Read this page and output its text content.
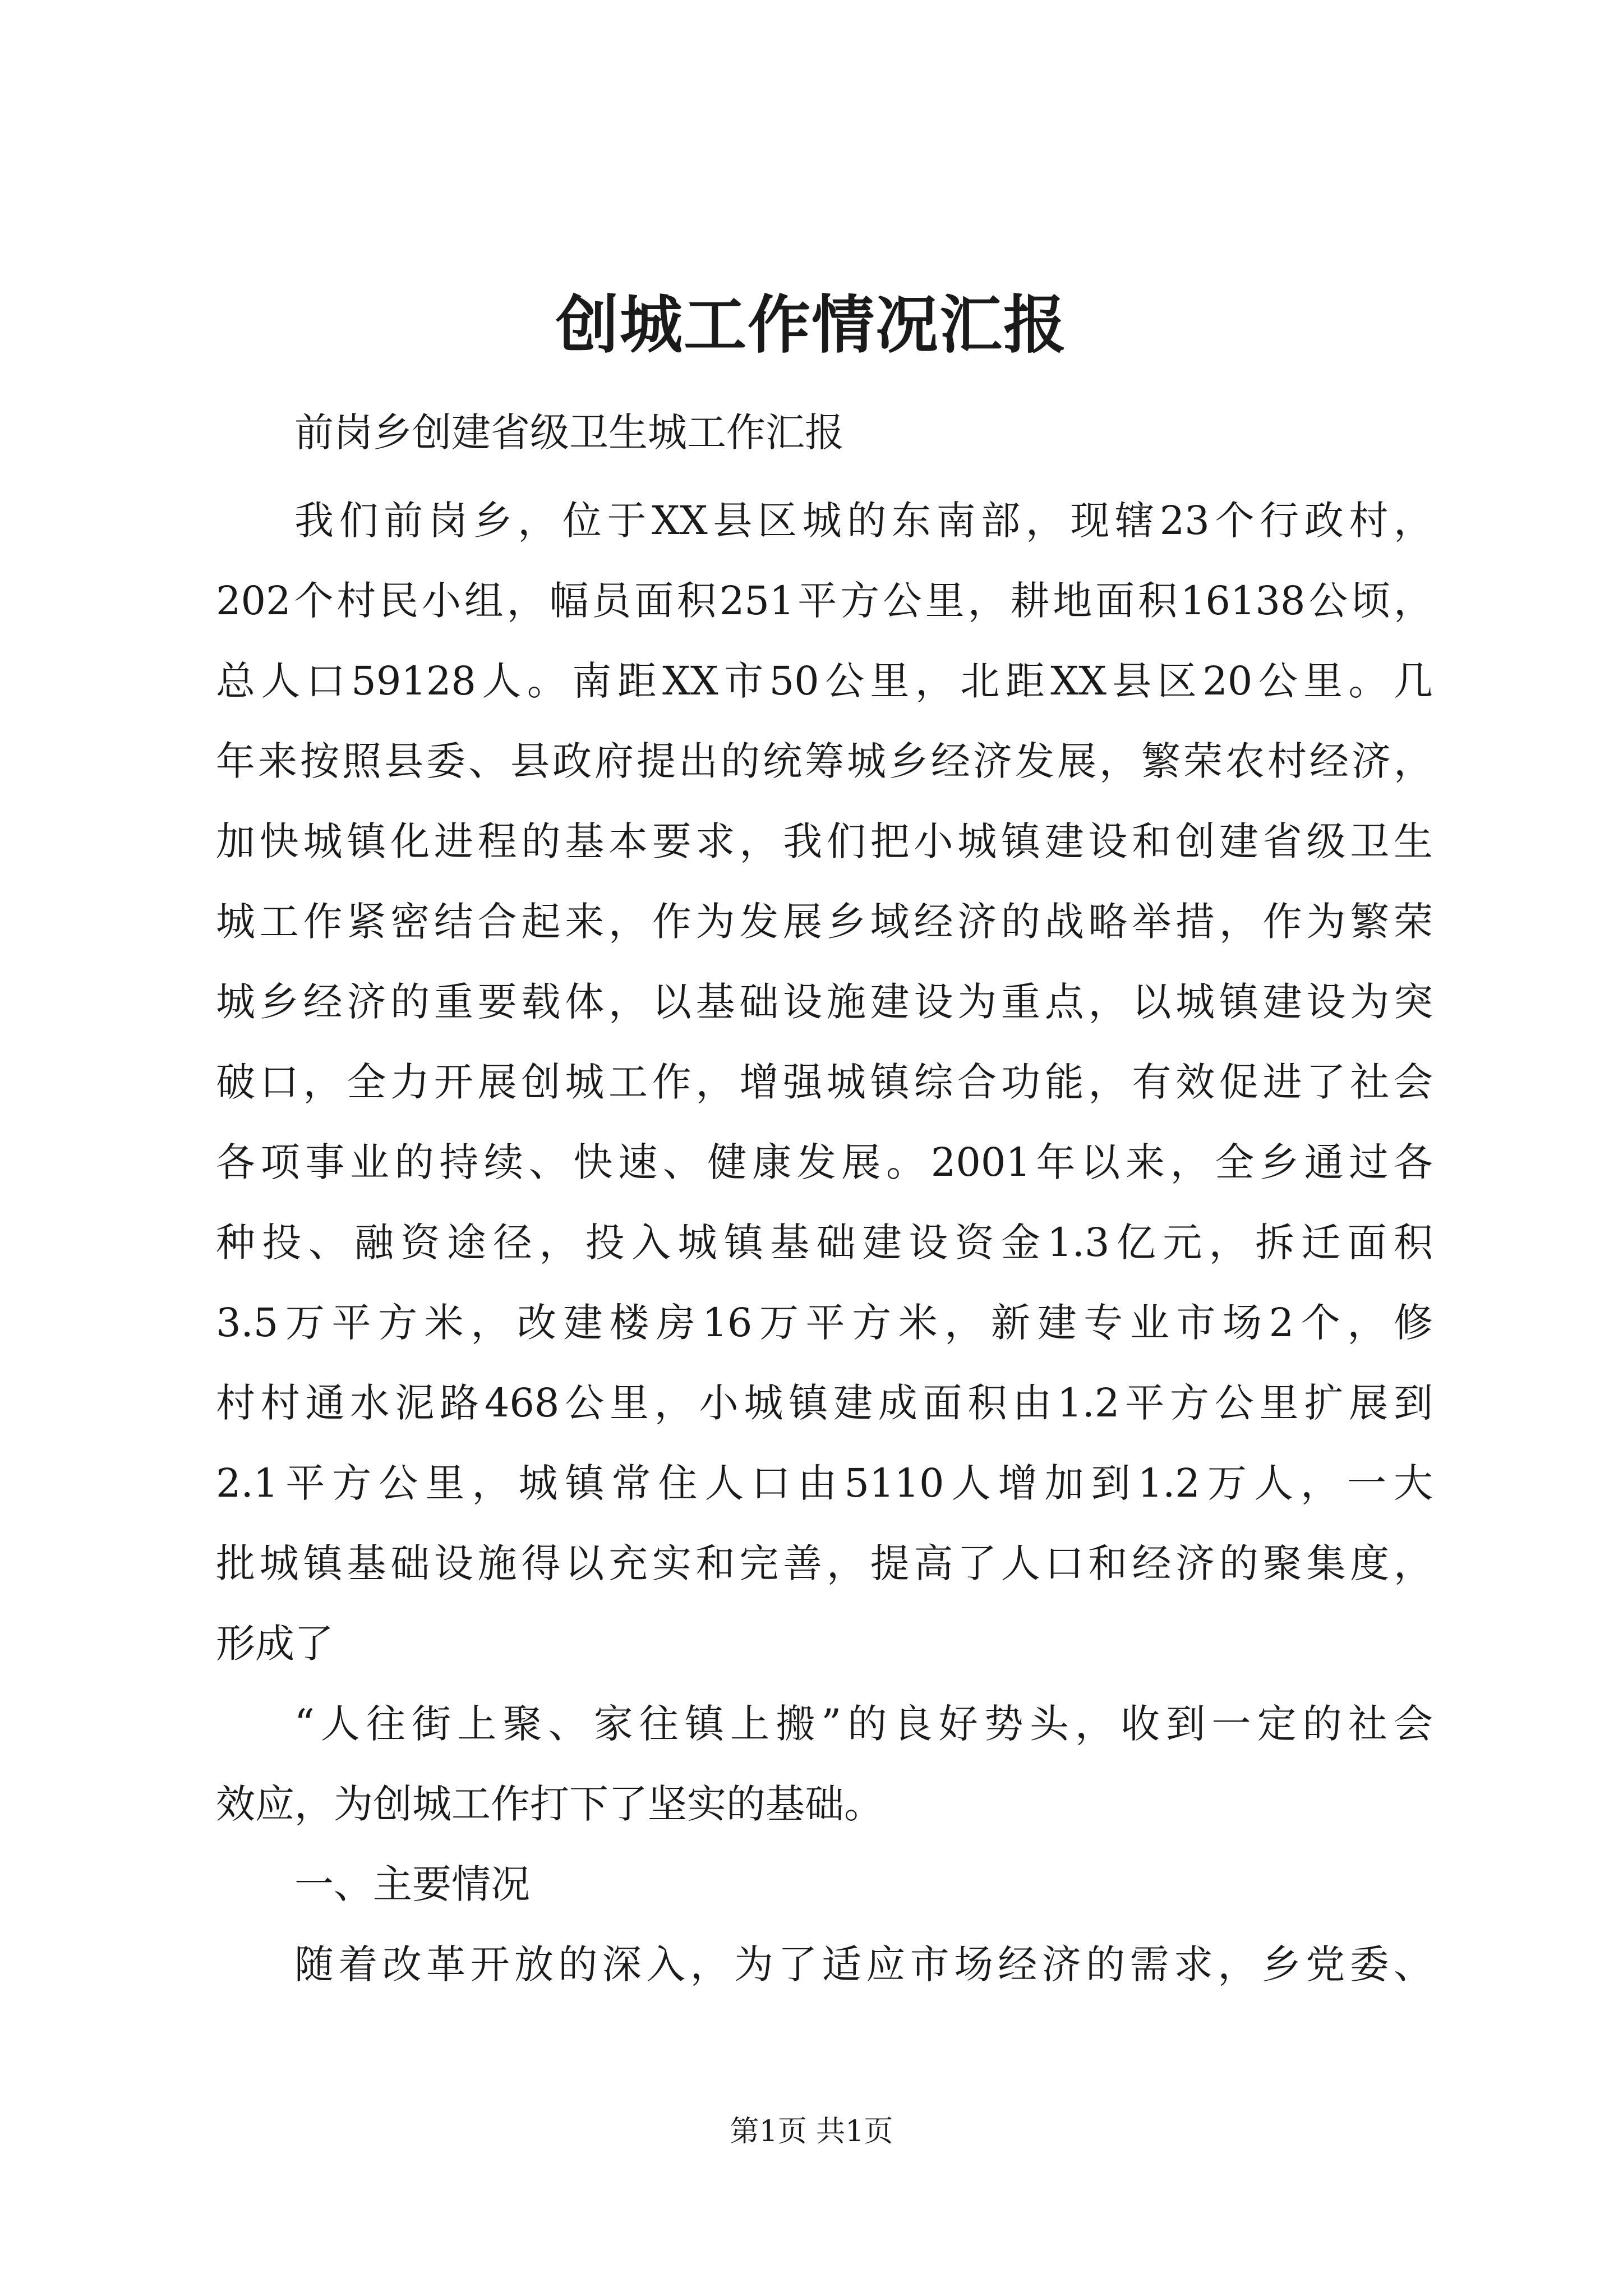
创城工作情况汇报
前岗乡创建省级卫生城工作汇报
我们前岗乡，位于XX县区城的东南部，现辖23个行政村，
202个村民小组，幅员面积251平方公里，耕地面积16138公顷，
总人口59128人。南距XX市50公里，北距XX县区20公里。几
年来按照县委、县政府提出的统筹城乡经济发展，繁荣农村经济，
加快城镇化进程的基本要求，我们把小城镇建设和创建省级卫生
城工作紧密结合起来，作为发展乡域经济的战略举措，作为繁荣
城乡经济的重要载体，以基础设施建设为重点，以城镇建设为突
破口，全力开展创城工作，增强城镇综合功能，有效促进了社会
各项事业的持续、快速、健康发展。2001年以来，全乡通过各
种投、融资途径，投入城镇基础建设资金1.3亿元，拆迁面积
3.5万平方米，改建楼房16万平方米，新建专业市场2个，修
村村通水泥路468公里，小城镇建成面积由1.2平方公里扩展到
2.1平方公里，城镇常住人口由5110人增加到1.2万人，一大
批城镇基础设施得以充实和完善，提高了人口和经济的聚集度，
形成了
“人往街上聚、家往镇上搬”的良好势头，收到一定的社会
效应，为创城工作打下了坚实的基础。
一、主要情况
随着改革开放的深入，为了适应市场经济的需求，乡党委、
第1页 共1页
